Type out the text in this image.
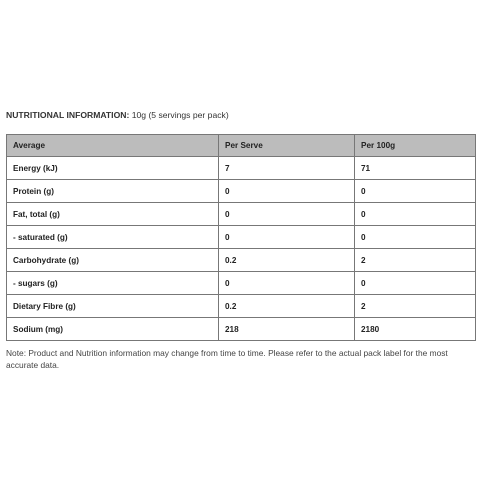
NUTRITIONAL INFORMATION: 10g (5 servings per pack)
Average	Per Serve	Per 100g
Energy (kJ)	7	71
Protein (g)	0	0
Fat, total (g)	0	0
- saturated (g)	0	0
Carbohydrate (g)	0.2	2
- sugars (g)	0	0
Dietary Fibre (g)	0.2	2
Sodium (mg)	218	2180
Note: Product and Nutrition information may change from time to time. Please refer to the actual pack label for the most accurate data.
